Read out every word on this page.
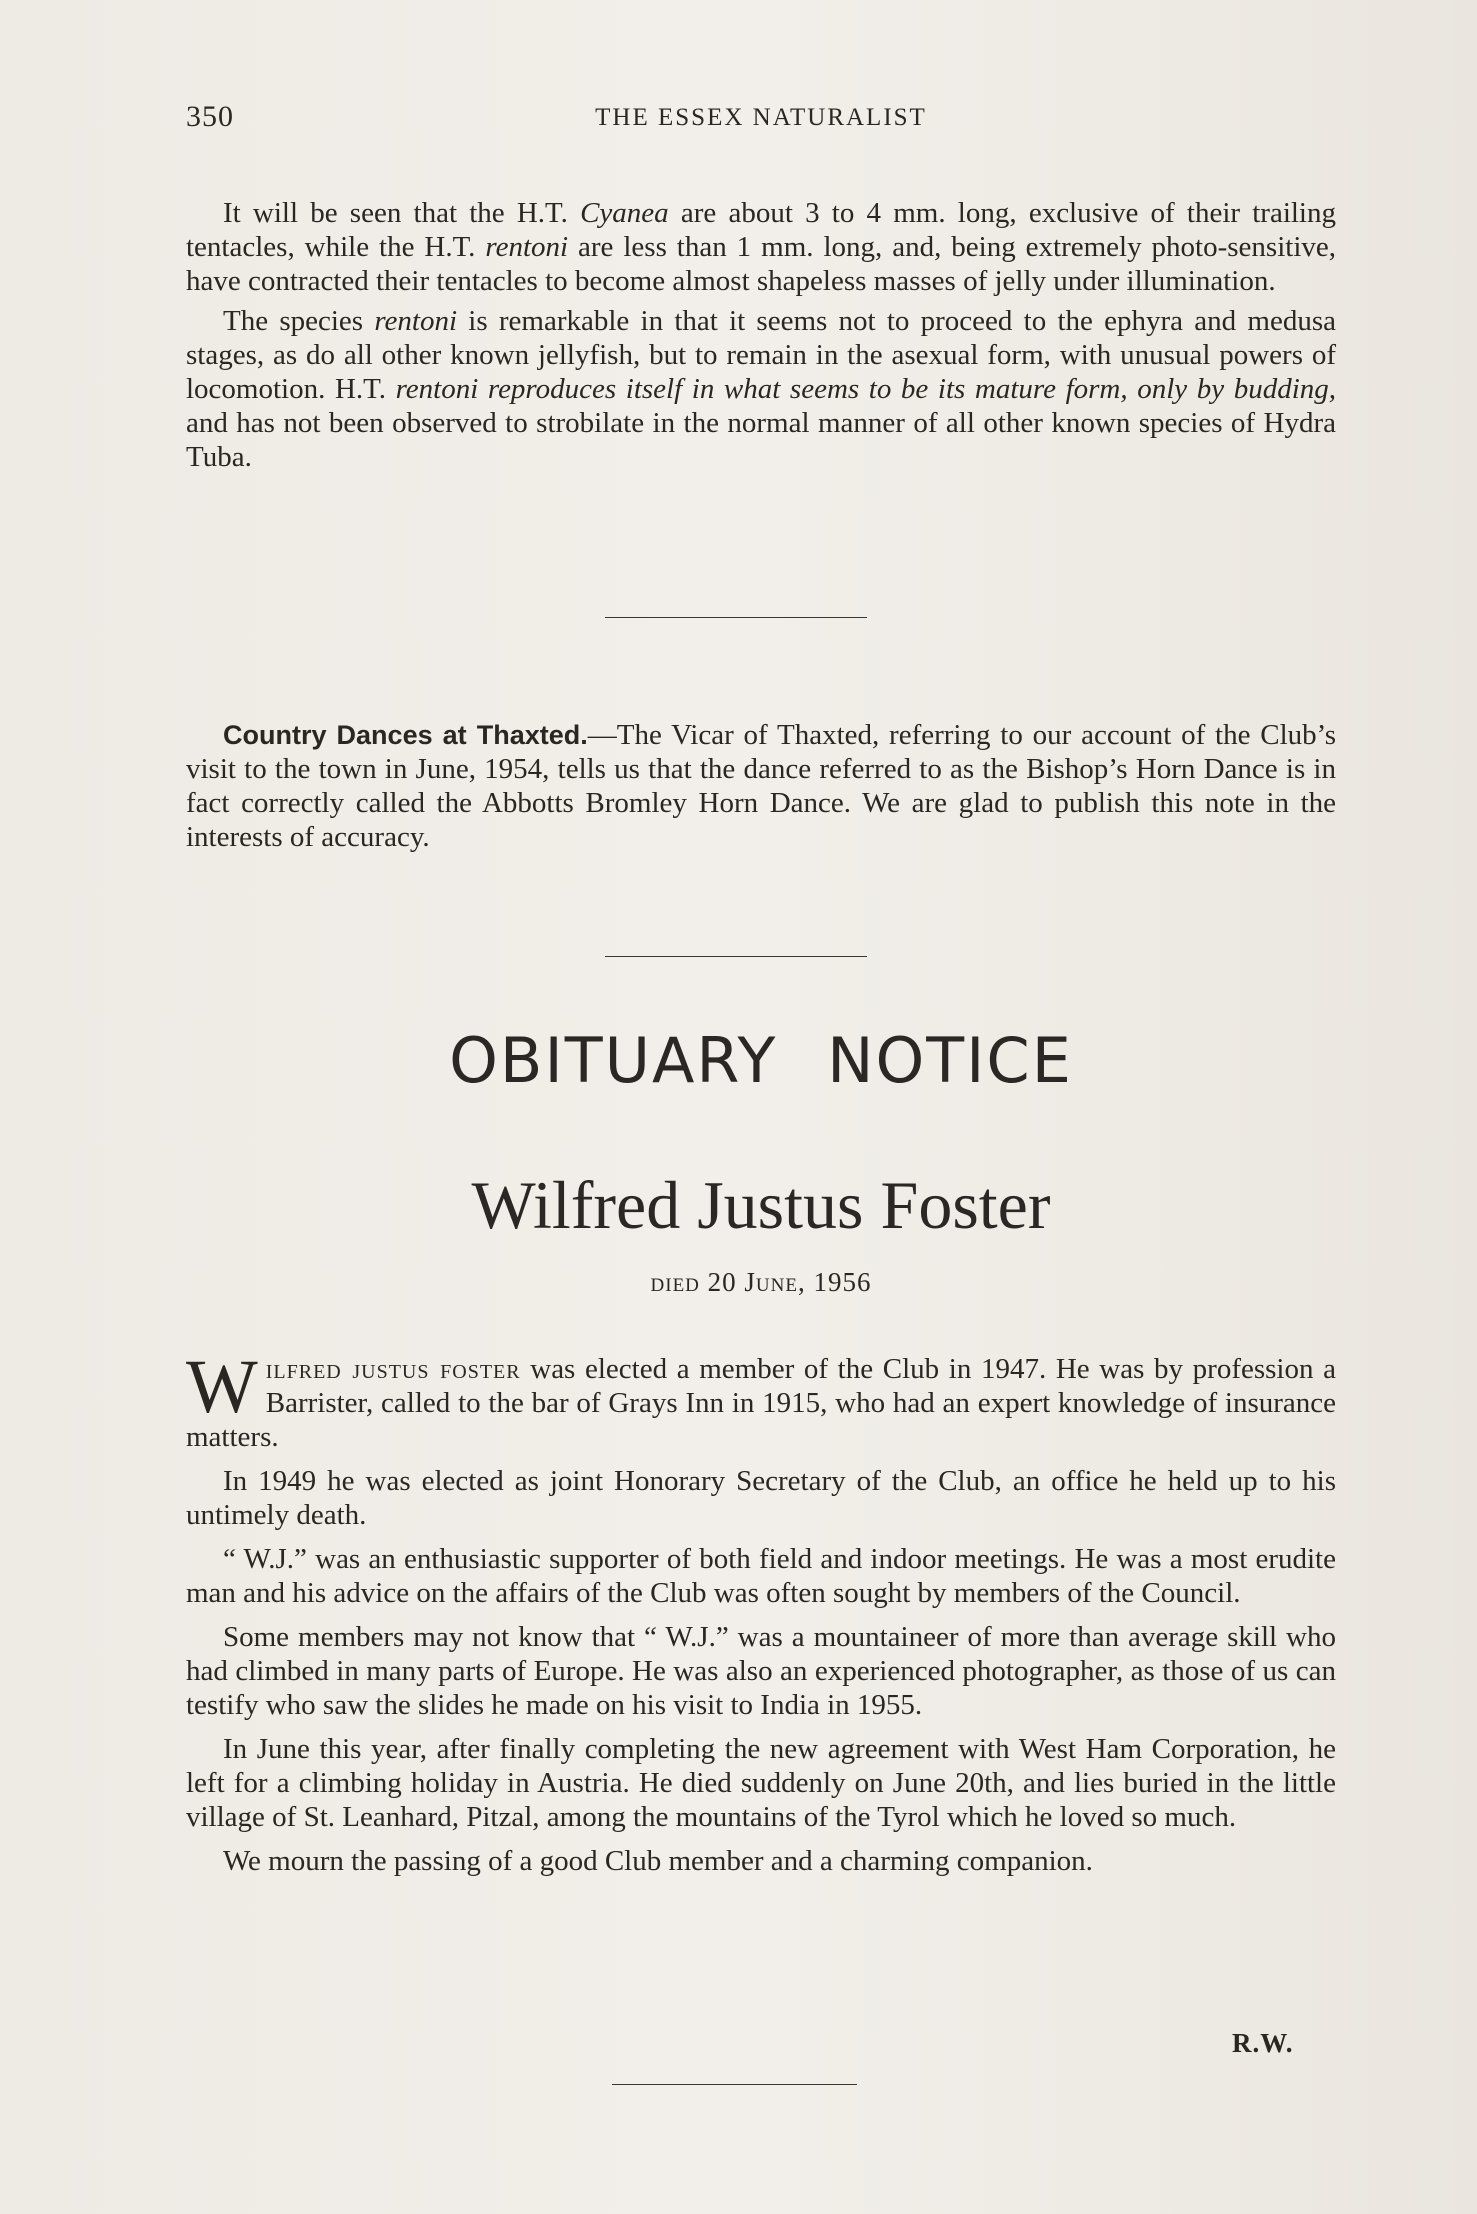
350	THE ESSEX NATURALIST

It will be seen that the H.T. Cyanea are about 3 to 4 mm. long, exclusive of their trailing tentacles, while the H.T. rentoni are less than 1 mm. long, and, being extremely photo-sensitive, have contracted their tentacles to become almost shapeless masses of jelly under illumination.

The species rentoni is remarkable in that it seems not to proceed to the ephyra and medusa stages, as do all other known jellyfish, but to remain in the asexual form, with unusual powers of locomotion. H.T. rentoni reproduces itself in what seems to be its mature form, only by budding, and has not been observed to strobilate in the normal manner of all other known species of Hydra Tuba.

Country Dances at Thaxted.—The Vicar of Thaxted, referring to our account of the Club’s visit to the town in June, 1954, tells us that the dance referred to as the Bishop’s Horn Dance is in fact correctly called the Abbotts Bromley Horn Dance. We are glad to publish this note in the interests of accuracy.

OBITUARY NOTICE
Wilfred Justus Foster
died 20 June, 1956

Wilfred justus foster was elected a member of the Club in 1947. He was by profession a Barrister, called to the bar of Grays Inn in 1915, who had an expert knowledge of insurance matters.

In 1949 he was elected as joint Honorary Secretary of the Club, an office he held up to his untimely death.

“ W.J.” was an enthusiastic supporter of both field and indoor meetings. He was a most erudite man and his advice on the affairs of the Club was often sought by members of the Council.

Some members may not know that “ W.J.” was a mountaineer of more than average skill who had climbed in many parts of Europe. He was also an experienced photographer, as those of us can testify who saw the slides he made on his visit to India in 1955.

In June this year, after finally completing the new agreement with West Ham Corporation, he left for a climbing holiday in Austria. He died suddenly on June 20th, and lies buried in the little village of St. Leanhard, Pitzal, among the mountains of the Tyrol which he loved so much.

We mourn the passing of a good Club member and a charming companion.

R.W.
